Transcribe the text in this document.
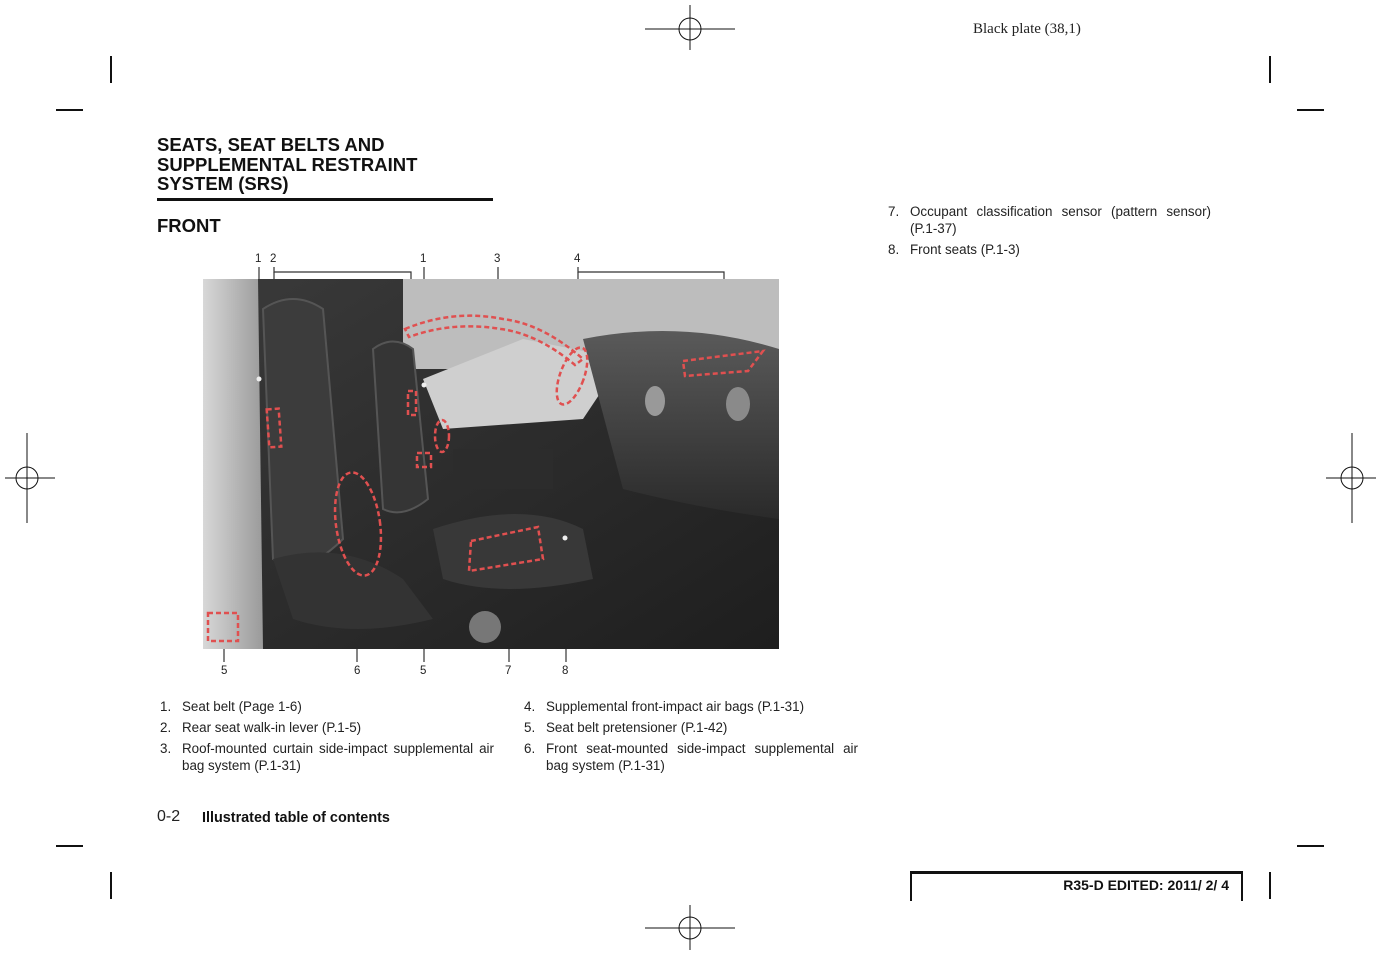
Black plate (38,1)
SEATS, SEAT BELTS AND
SUPPLEMENTAL RESTRAINT
SYSTEM (SRS)
FRONT
1 2	1	3	4
5	6	5	7	8
1. Seat belt (Page 1-6)
2. Rear seat walk-in lever (P.1-5)
3. Roof-mounted curtain side-impact supplemental air bag system (P.1-31)
4. Supplemental front-impact air bags (P.1-31)
5. Seat belt pretensioner (P.1-42)
6. Front seat-mounted side-impact supplemental air bag system (P.1-31)
7. Occupant classification sensor (pattern sensor) (P.1-37)
8. Front seats (P.1-3)
0-2 Illustrated table of contents
R35-D EDITED: 2011/ 2/ 4
